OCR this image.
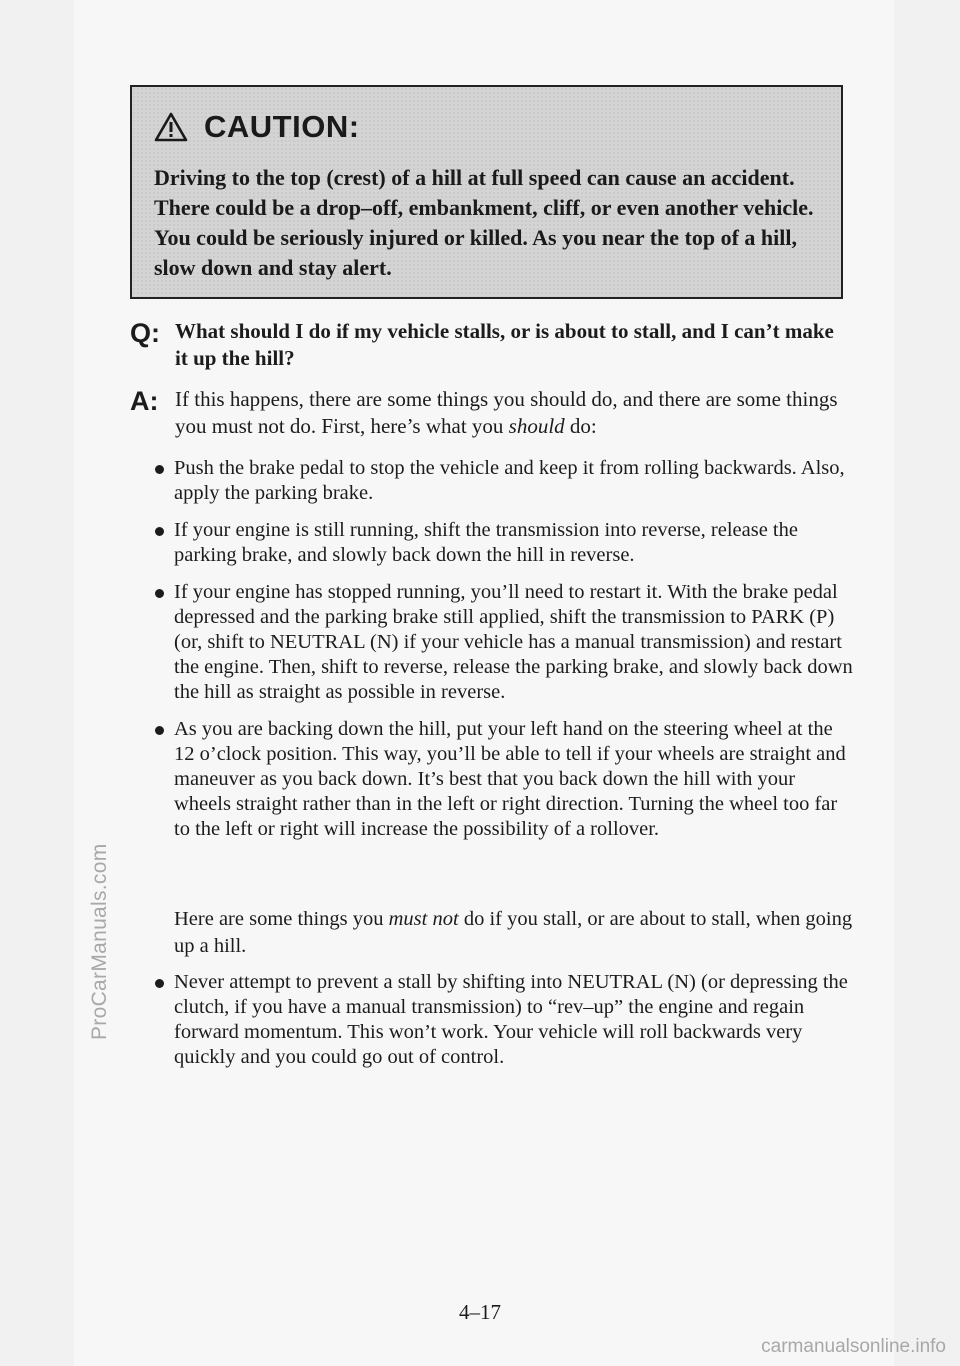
CAUTION:
Driving to the top (crest) of a hill at full speed can cause an accident. There could be a drop–off, embankment, cliff, or even another vehicle. You could be seriously injured or killed. As you near the top of a hill, slow down and stay alert.
Q: What should I do if my vehicle stalls, or is about to stall, and I can’t make it up the hill?
A: If this happens, there are some things you should do, and there are some things you must not do. First, here’s what you should do:
Push the brake pedal to stop the vehicle and keep it from rolling backwards. Also, apply the parking brake.
If your engine is still running, shift the transmission into reverse, release the parking brake, and slowly back down the hill in reverse.
If your engine has stopped running, you’ll need to restart it. With the brake pedal depressed and the parking brake still applied, shift the transmission to PARK (P) (or, shift to NEUTRAL (N) if your vehicle has a manual transmission) and restart the engine. Then, shift to reverse, release the parking brake, and slowly back down the hill as straight as possible in reverse.
As you are backing down the hill, put your left hand on the steering wheel at the 12 o’clock position. This way, you’ll be able to tell if your wheels are straight and maneuver as you back down. It’s best that you back down the hill with your wheels straight rather than in the left or right direction. Turning the wheel too far to the left or right will increase the possibility of a rollover.
Here are some things you must not do if you stall, or are about to stall, when going up a hill.
Never attempt to prevent a stall by shifting into NEUTRAL (N) (or depressing the clutch, if you have a manual transmission) to “rev–up” the engine and regain forward momentum. This won’t work. Your vehicle will roll backwards very quickly and you could go out of control.
4–17
ProCarManuals.com
carmanualsonline.info
